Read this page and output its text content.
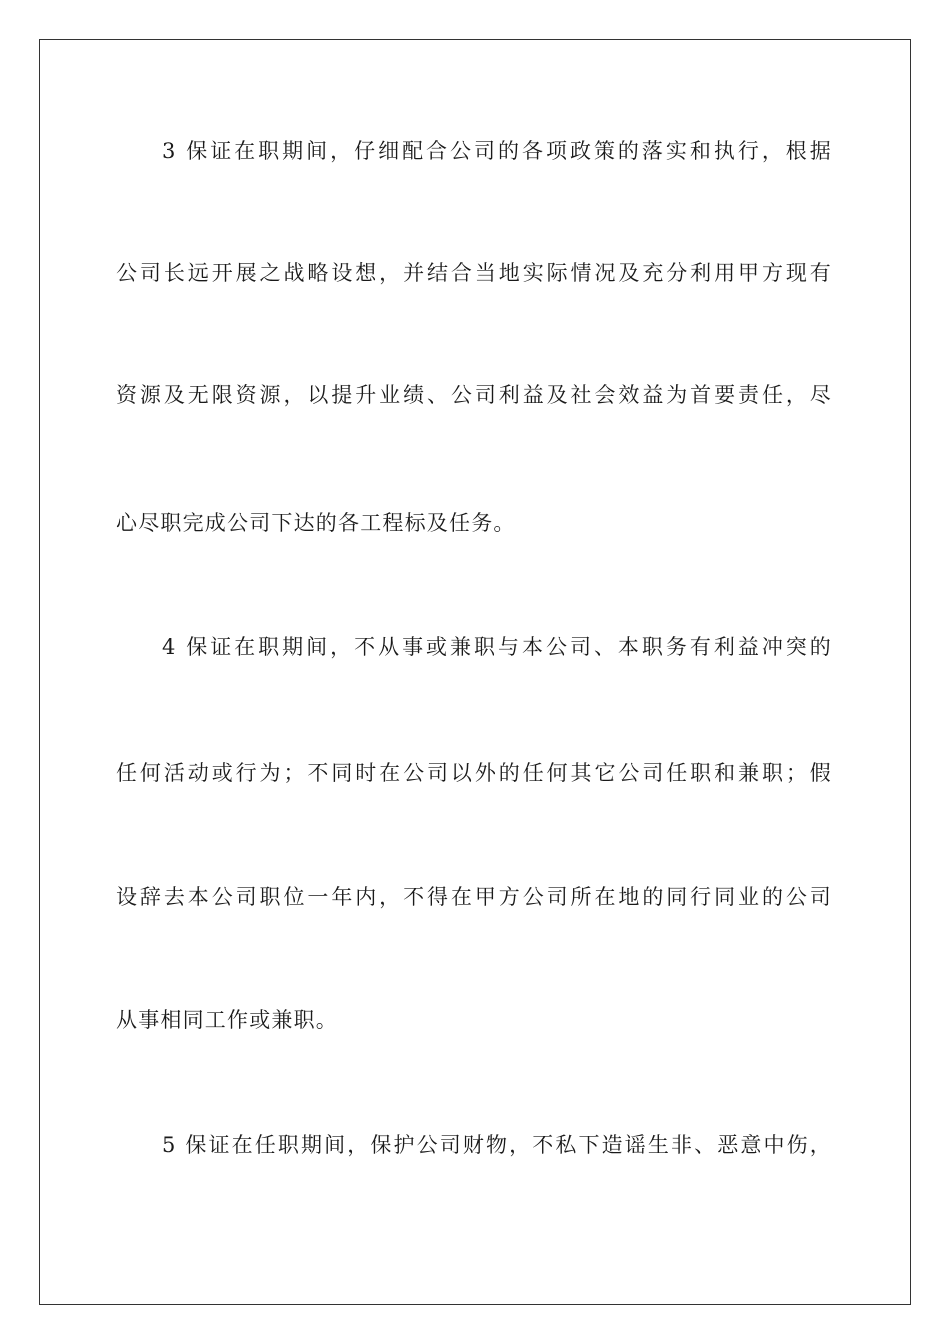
3 保证在职期间，仔细配合公司的各项政策的落实和执行，根据
公司长远开展之战略设想，并结合当地实际情况及充分利用甲方现有
资源及无限资源，以提升业绩、公司利益及社会效益为首要责任，尽
心尽职完成公司下达的各工程标及任务。
4 保证在职期间，不从事或兼职与本公司、本职务有利益冲突的
任何活动或行为；不同时在公司以外的任何其它公司任职和兼职；假
设辞去本公司职位一年内，不得在甲方公司所在地的同行同业的公司
从事相同工作或兼职。
5 保证在任职期间，保护公司财物，不私下造谣生非、恶意中伤，
